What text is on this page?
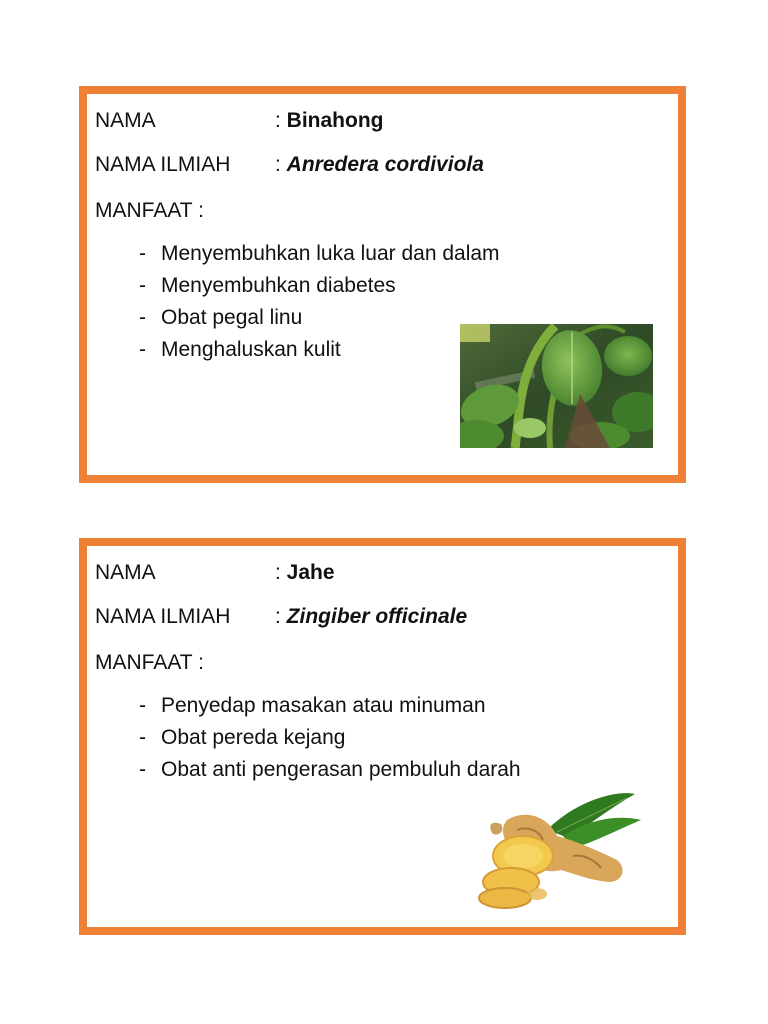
NAMA	: Binahong
NAMA ILMIAH : Anredera cordiviola
MANFAAT :
- Menyembuhkan luka luar dan dalam
- Menyembuhkan diabetes
- Obat pegal linu
- Menghaluskan kulit
NAMA	: Jahe
NAMA ILMIAH : Zingiber officinale
MANFAAT :
- Penyedap masakan atau minuman
- Obat pereda kejang
- Obat anti pengerasan pembuluh darah
